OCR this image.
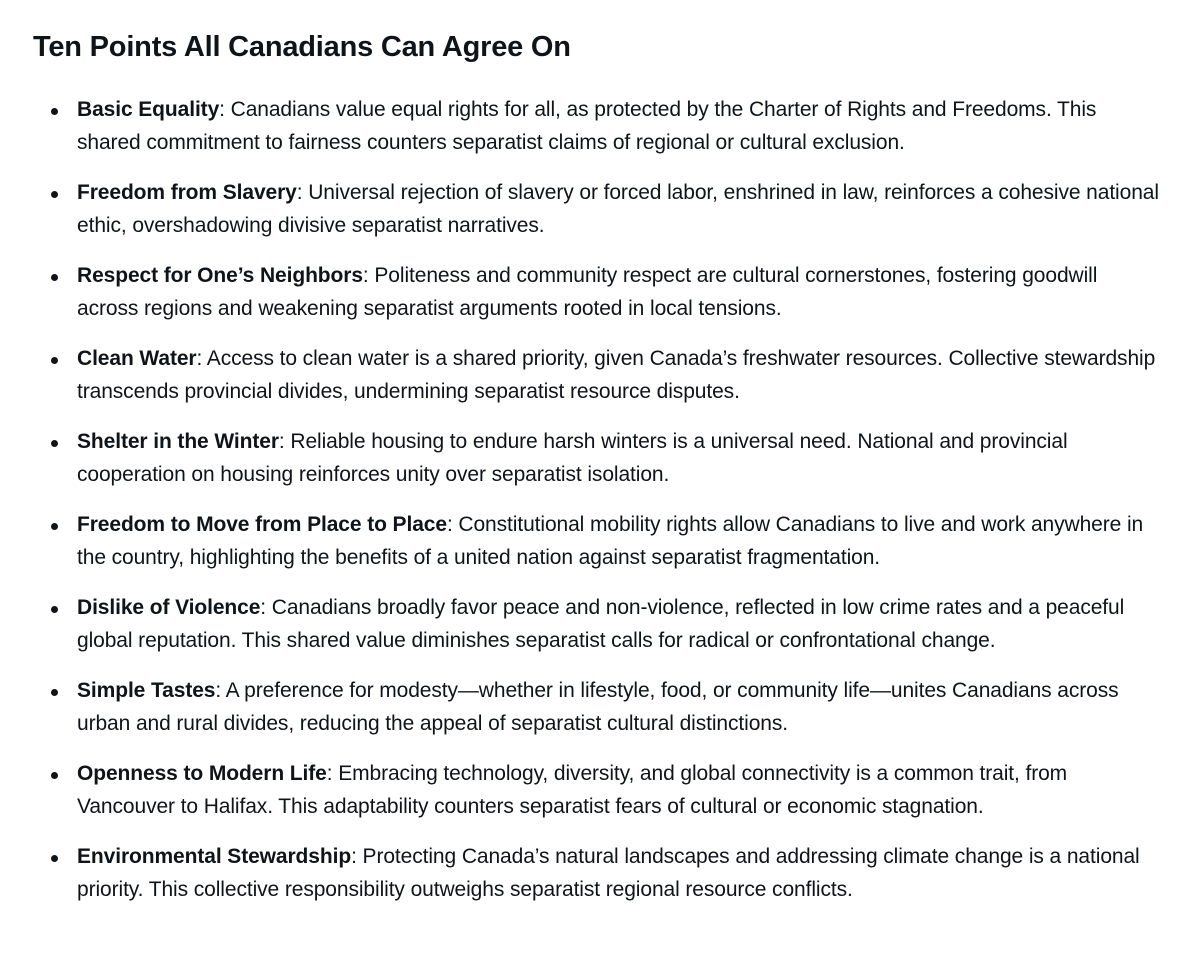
Ten Points All Canadians Can Agree On
Basic Equality: Canadians value equal rights for all, as protected by the Charter of Rights and Freedoms. This shared commitment to fairness counters separatist claims of regional or cultural exclusion.
Freedom from Slavery: Universal rejection of slavery or forced labor, enshrined in law, reinforces a cohesive national ethic, overshadowing divisive separatist narratives.
Respect for One’s Neighbors: Politeness and community respect are cultural cornerstones, fostering goodwill across regions and weakening separatist arguments rooted in local tensions.
Clean Water: Access to clean water is a shared priority, given Canada’s freshwater resources. Collective stewardship transcends provincial divides, undermining separatist resource disputes.
Shelter in the Winter: Reliable housing to endure harsh winters is a universal need. National and provincial cooperation on housing reinforces unity over separatist isolation.
Freedom to Move from Place to Place: Constitutional mobility rights allow Canadians to live and work anywhere in the country, highlighting the benefits of a united nation against separatist fragmentation.
Dislike of Violence: Canadians broadly favor peace and non-violence, reflected in low crime rates and a peaceful global reputation. This shared value diminishes separatist calls for radical or confrontational change.
Simple Tastes: A preference for modesty—whether in lifestyle, food, or community life—unites Canadians across urban and rural divides, reducing the appeal of separatist cultural distinctions.
Openness to Modern Life: Embracing technology, diversity, and global connectivity is a common trait, from Vancouver to Halifax. This adaptability counters separatist fears of cultural or economic stagnation.
Environmental Stewardship: Protecting Canada’s natural landscapes and addressing climate change is a national priority. This collective responsibility outweighs separatist regional resource conflicts.
